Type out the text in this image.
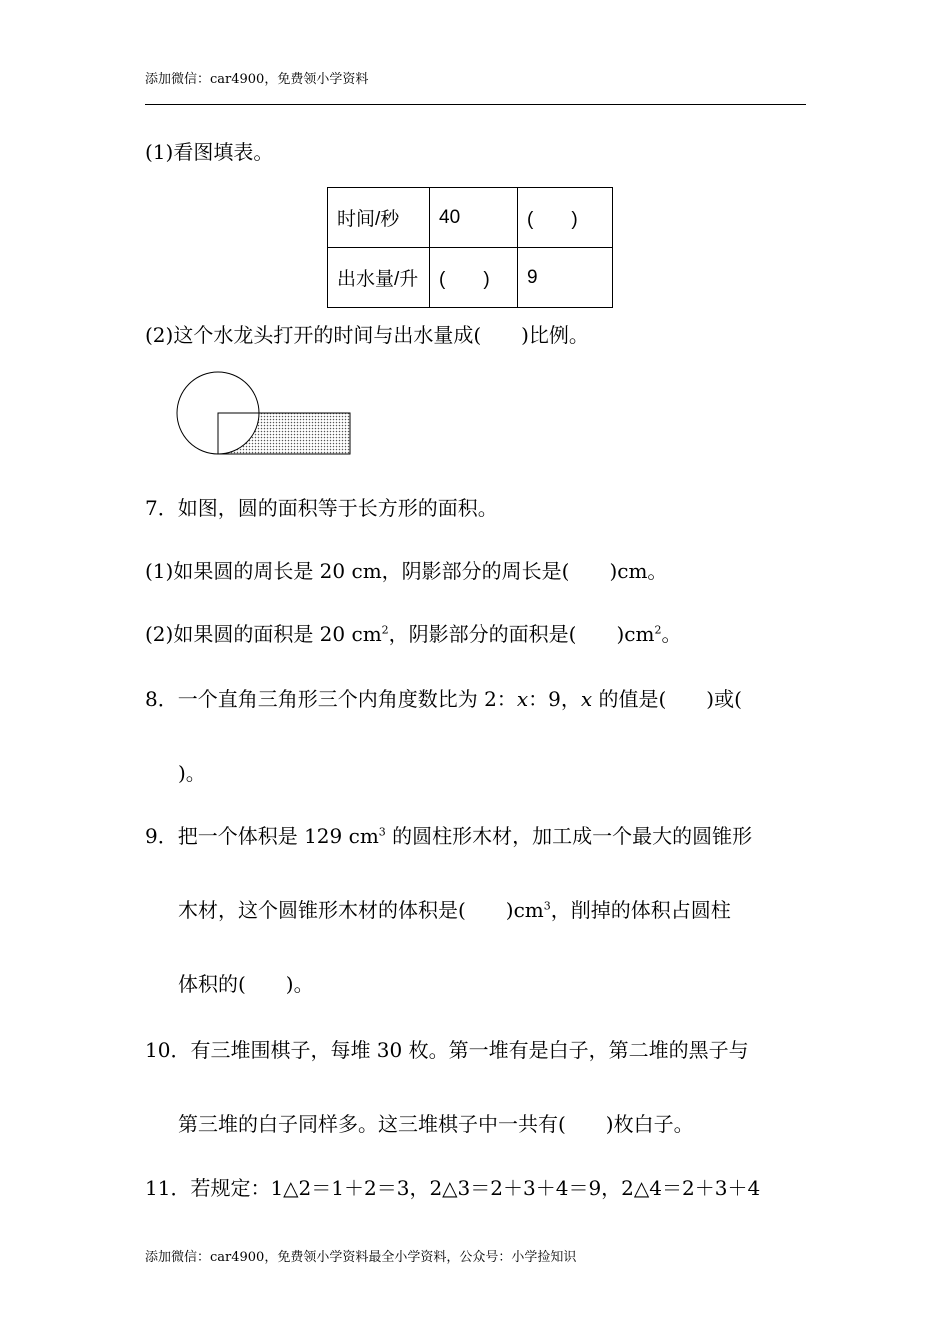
添加微信：car4900，免费领小学资料
(1)看图填表。
时间/秒	40	(　　)
出水量/升	(　　)	9
(2)这个水龙头打开的时间与出水量成(　　)比例。
7．如图，圆的面积等于长方形的面积。
(1)如果圆的周长是 20 cm，阴影部分的周长是(　　)cm。
(2)如果圆的面积是 20 $cm^2$，阴影部分的面积是(　　)$cm^2$。
8．一个直角三角形三个内角度数比为 2：x：9，x 的值是(　　)或(
)。
9．把一个体积是 129 $cm^3$ 的圆柱形木材，加工成一个最大的圆锥形
木材，这个圆锥形木材的体积是(　　)$cm^3$，削掉的体积占圆柱
体积的(　　)。
10．有三堆围棋子，每堆 30 枚。第一堆有是白子，第二堆的黑子与
第三堆的白子同样多。这三堆棋子中一共有(　　)枚白子。
11．若规定：1△2＝1＋2＝3，2△3＝2＋3＋4＝9，2△4＝2＋3＋4
添加微信：car4900，免费领小学资料最全小学资料，公众号：小学捡知识
